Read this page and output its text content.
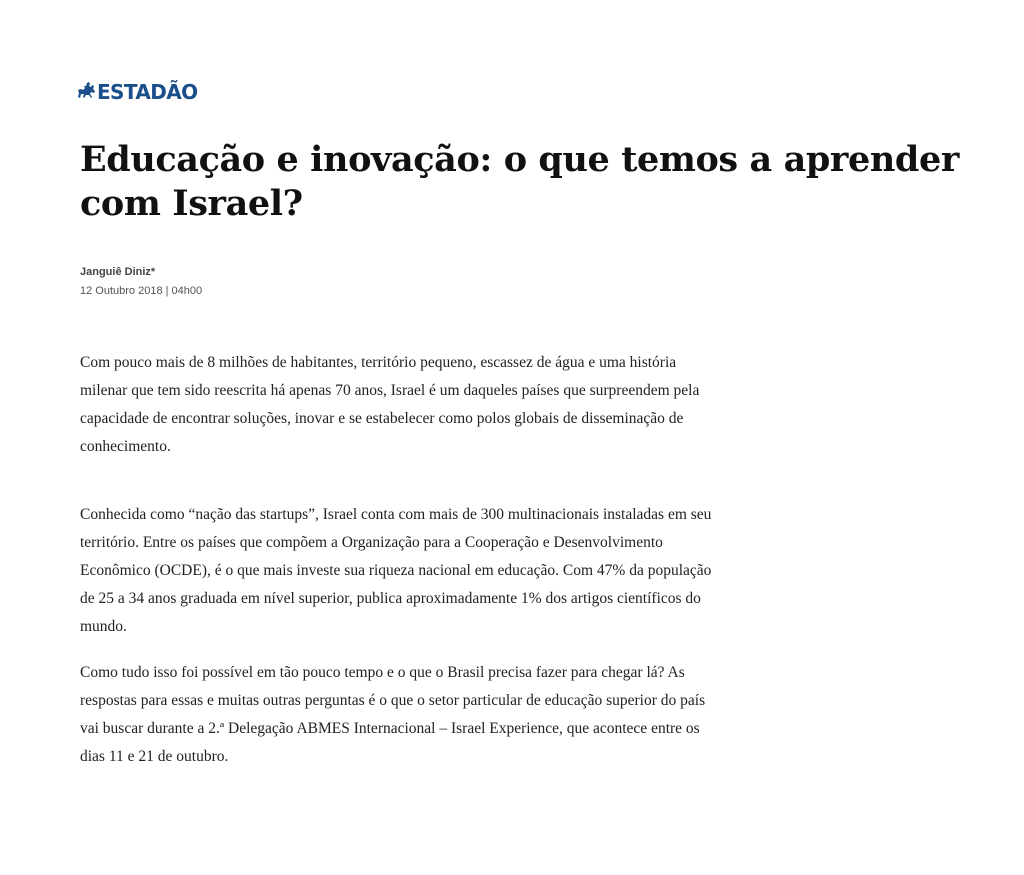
ESTADÃO
Educação e inovação: o que temos a aprender com Israel?
Janguiê Diniz*
12 Outubro 2018 | 04h00

Com pouco mais de 8 milhões de habitantes, território pequeno, escassez de água e uma história milenar que tem sido reescrita há apenas 70 anos, Israel é um daqueles países que surpreendem pela capacidade de encontrar soluções, inovar e se estabelecer como polos globais de disseminação de conhecimento.

Conhecida como “nação das startups”, Israel conta com mais de 300 multinacionais instaladas em seu território. Entre os países que compõem a Organização para a Cooperação e Desenvolvimento Econômico (OCDE), é o que mais investe sua riqueza nacional em educação. Com 47% da população de 25 a 34 anos graduada em nível superior, publica aproximadamente 1% dos artigos científicos do mundo.

Como tudo isso foi possível em tão pouco tempo e o que o Brasil precisa fazer para chegar lá? As respostas para essas e muitas outras perguntas é o que o setor particular de educação superior do país vai buscar durante a 2.ª Delegação ABMES Internacional – Israel Experience, que acontece entre os dias 11 e 21 de outubro.
